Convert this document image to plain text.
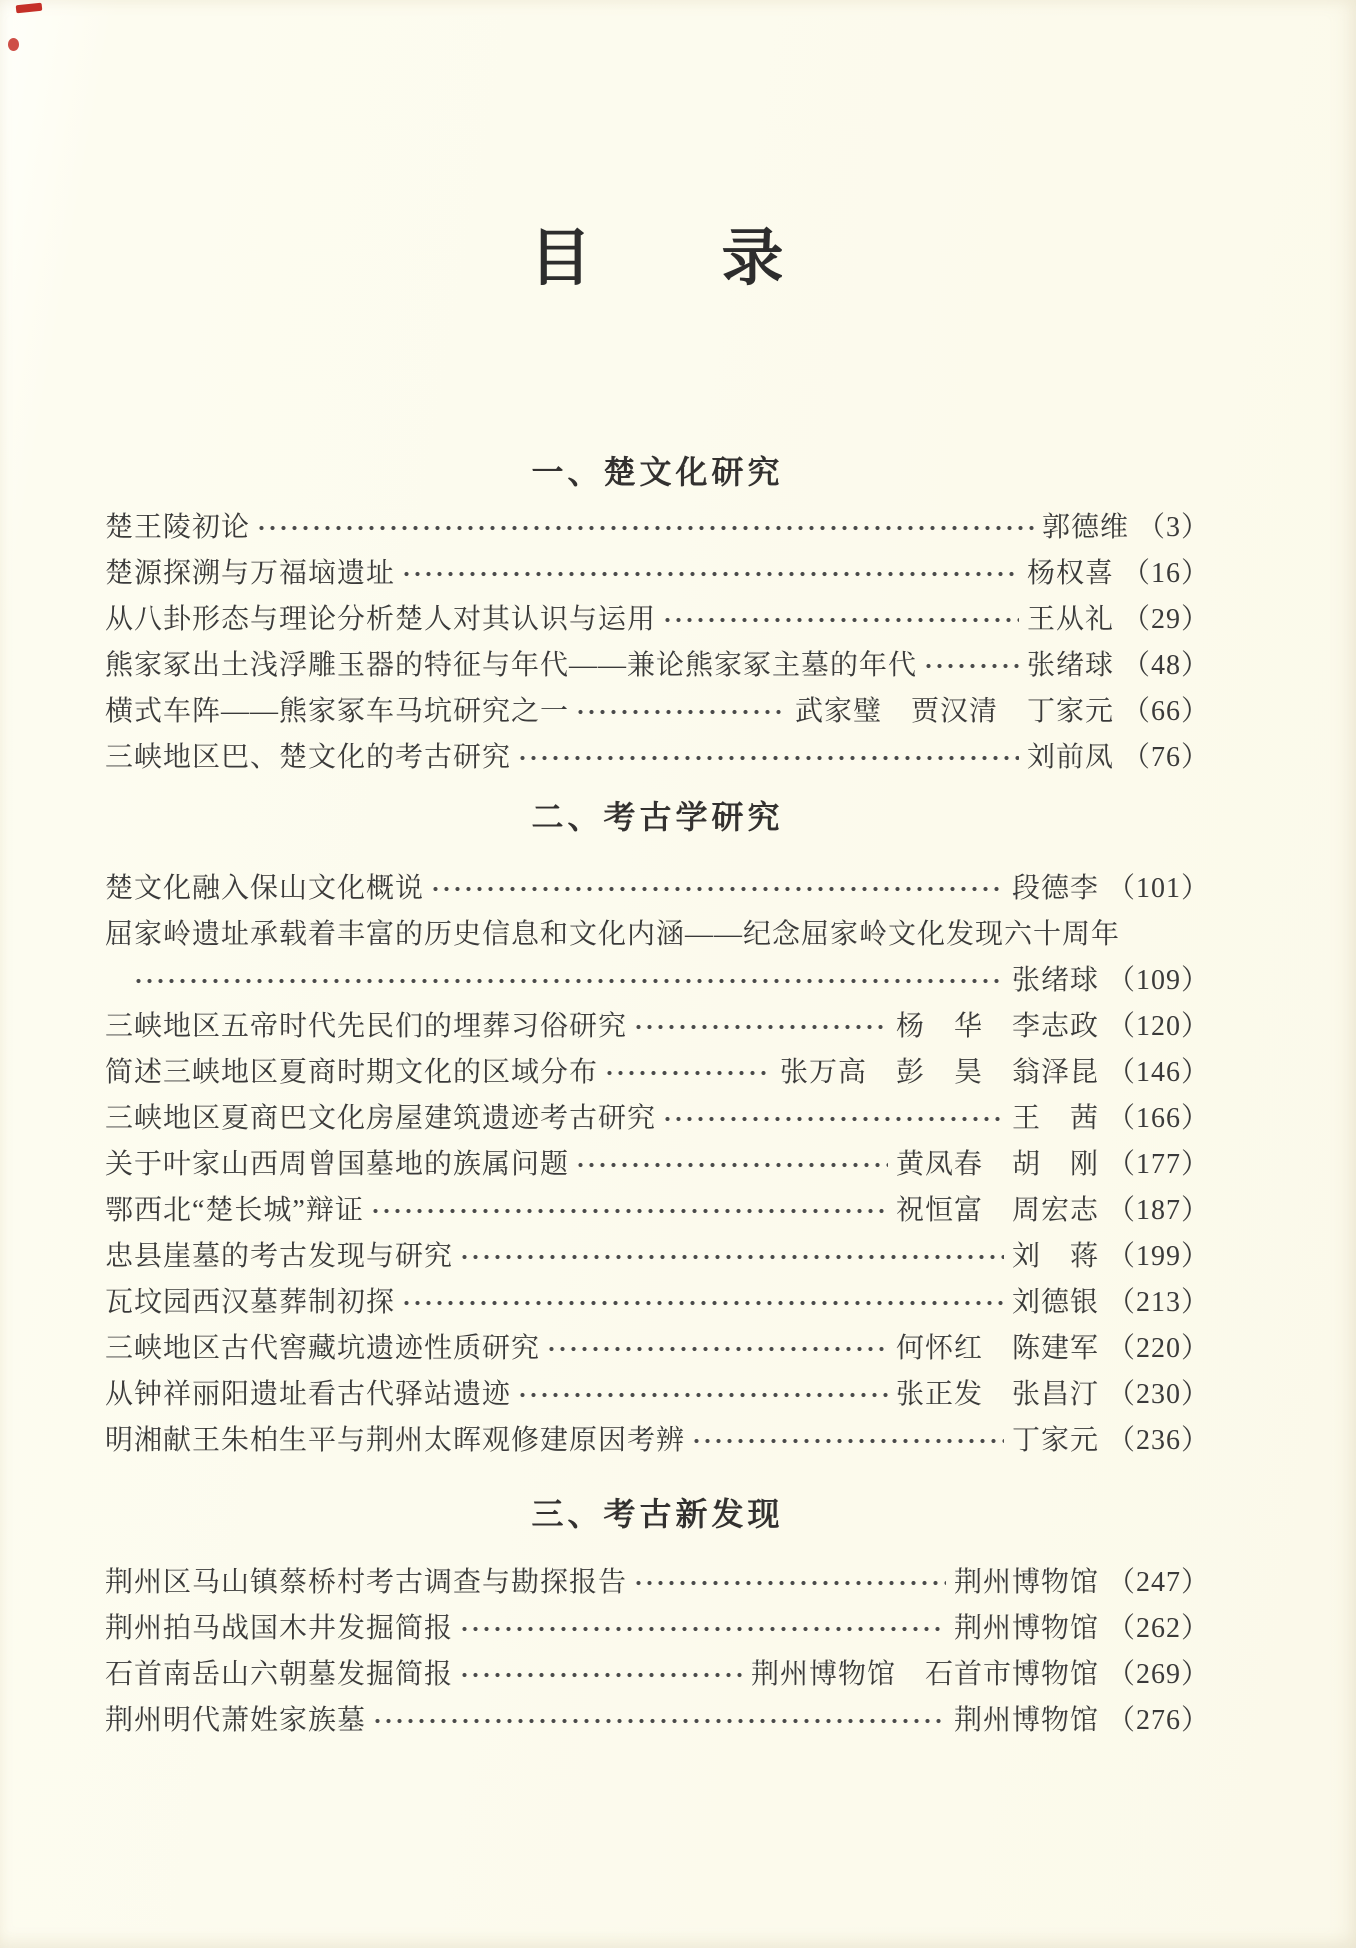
目　　录
一、楚文化研究
楚王陵初论	郭德维 （3）
楚源探溯与万福垴遗址	杨权喜 （16）
从八卦形态与理论分析楚人对其认识与运用	王从礼 （29）
熊家冢出土浅浮雕玉器的特征与年代——兼论熊家冢主墓的年代	张绪球 （48）
横式车阵——熊家冢车马坑研究之一	武家璧　贾汉清　丁家元 （66）
三峡地区巴、楚文化的考古研究	刘前凤 （76）
二、考古学研究
楚文化融入保山文化概说	段德李 （101）
屈家岭遗址承载着丰富的历史信息和文化内涵——纪念屈家岭文化发现六十周年
张绪球 （109）
三峡地区五帝时代先民们的埋葬习俗研究	杨　华　李志政 （120）
简述三峡地区夏商时期文化的区域分布	张万高　彭　昊　翁泽昆 （146）
三峡地区夏商巴文化房屋建筑遗迹考古研究	王　茜 （166）
关于叶家山西周曾国墓地的族属问题	黄凤春　胡　刚 （177）
鄂西北“楚长城”辩证	祝恒富　周宏志 （187）
忠县崖墓的考古发现与研究	刘　蒋 （199）
瓦坟园西汉墓葬制初探	刘德银 （213）
三峡地区古代窖藏坑遗迹性质研究	何怀红　陈建军 （220）
从钟祥丽阳遗址看古代驿站遗迹	张正发　张昌汀 （230）
明湘献王朱柏生平与荆州太晖观修建原因考辨	丁家元 （236）
三、考古新发现
荆州区马山镇蔡桥村考古调查与勘探报告	荆州博物馆 （247）
荆州拍马战国木井发掘简报	荆州博物馆 （262）
石首南岳山六朝墓发掘简报	荆州博物馆　石首市博物馆 （269）
荆州明代萧姓家族墓	荆州博物馆 （276）
